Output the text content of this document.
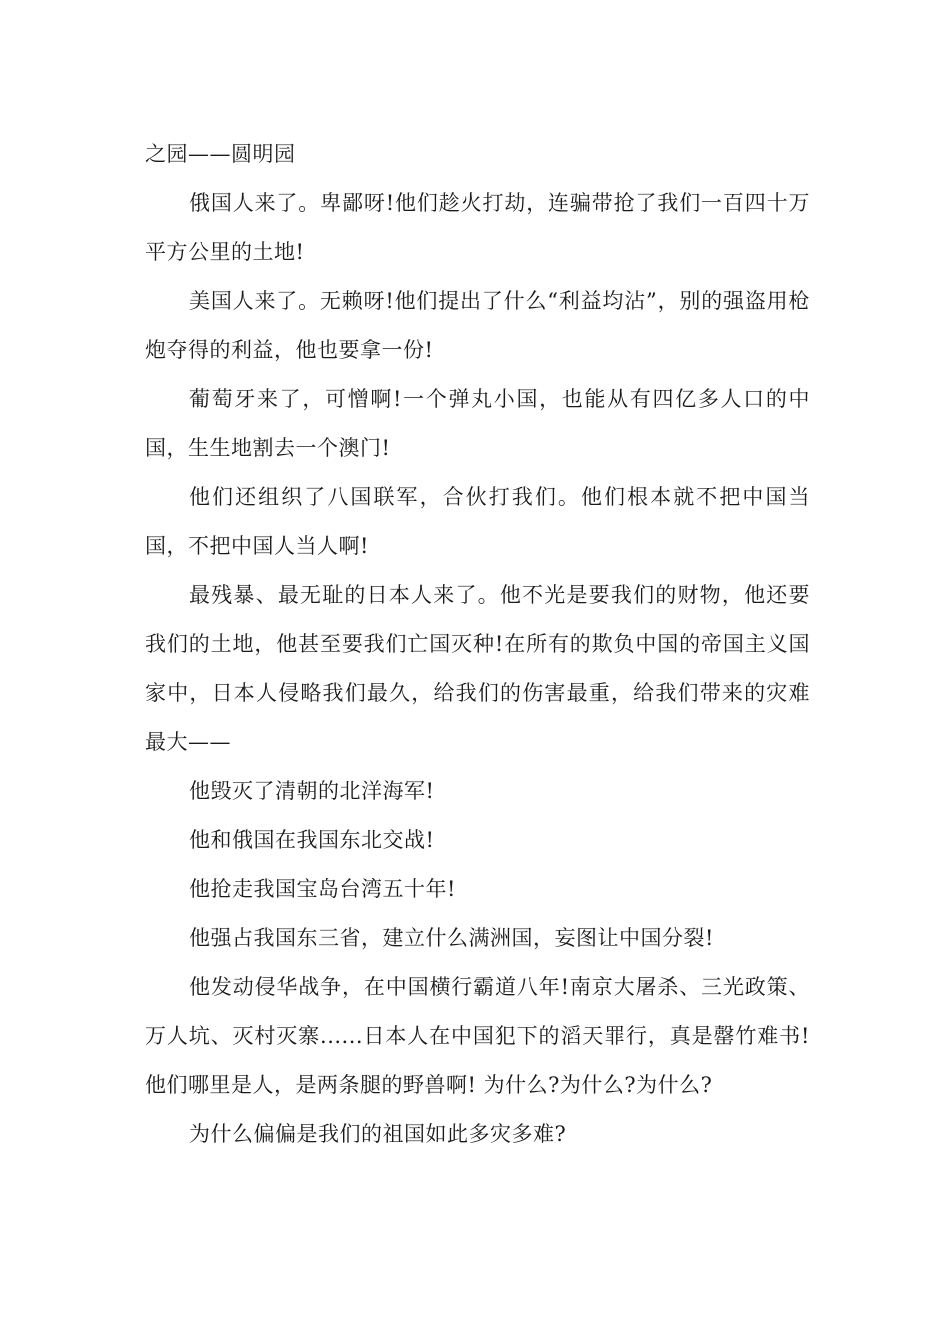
之园——圆明园

俄国人来了。卑鄙呀!他们趁火打劫，连骗带抢了我们一百四十万平方公里的土地!

美国人来了。无赖呀!他们提出了什么“利益均沾”，别的强盗用枪炮夺得的利益，他也要拿一份!

葡萄牙来了，可憎啊!一个弹丸小国，也能从有四亿多人口的中国，生生地割去一个澳门!

他们还组织了八国联军，合伙打我们。他们根本就不把中国当国，不把中国人当人啊!

最残暴、最无耻的日本人来了。他不光是要我们的财物，他还要我们的土地，他甚至要我们亡国灭种!在所有的欺负中国的帝国主义国家中，日本人侵略我们最久，给我们的伤害最重，给我们带来的灾难最大——

他毁灭了清朝的北洋海军!

他和俄国在我国东北交战!

他抢走我国宝岛台湾五十年!

他强占我国东三省，建立什么满洲国，妄图让中国分裂!

他发动侵华战争，在中国横行霸道八年!南京大屠杀、三光政策、万人坑、灭村灭寨......日本人在中国犯下的滔天罪行，真是罄竹难书!他们哪里是人，是两条腿的野兽啊! 为什么?为什么?为什么?

为什么偏偏是我们的祖国如此多灾多难?
